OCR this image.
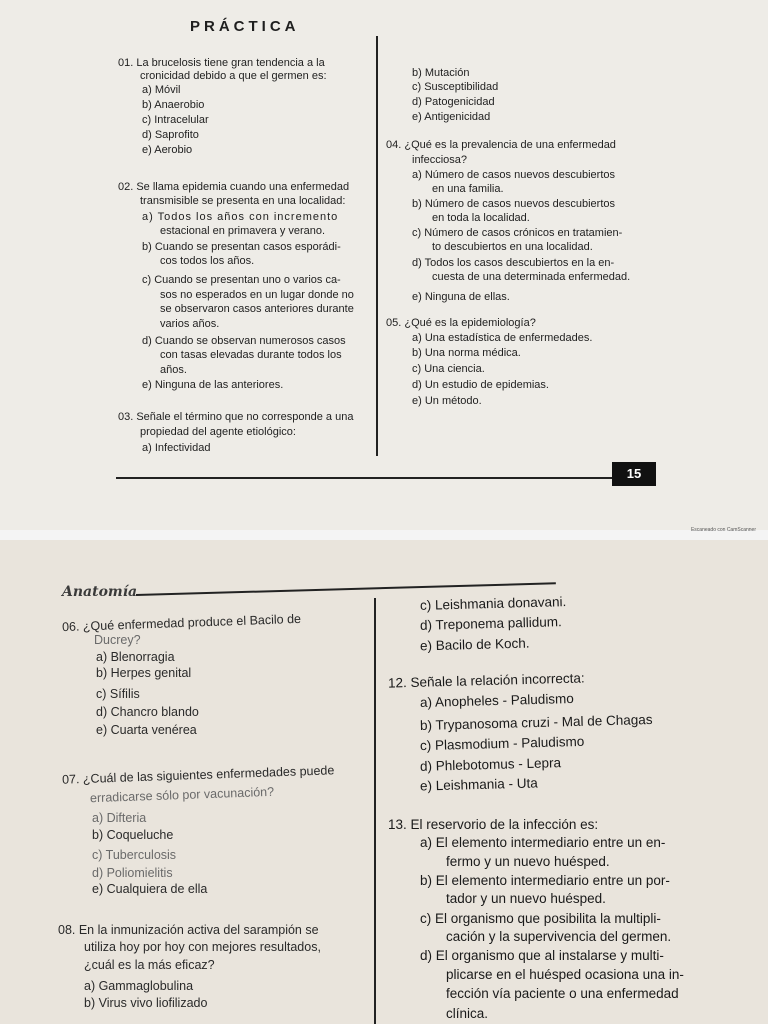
PRÁCTICA
15
01. La brucelosis tiene gran tendencia a la
cronicidad debido a que el germen es:
a) Móvil
b) Anaerobio
c) Intracelular
d) Saprofito
e) Aerobio
02. Se llama epidemia cuando una enfermedad
transmisible se presenta en una localidad:
a) Todos los años con incremento
estacional en primavera y verano.
b) Cuando se presentan casos esporádi-
cos todos los años.
c) Cuando se presentan uno o varios ca-
sos no esperados en un lugar donde no
se observaron casos anteriores durante
varios años.
d) Cuando se observan numerosos casos
con tasas elevadas durante todos los
años.
e) Ninguna de las anteriores.
03. Señale el término que no corresponde a una
propiedad del agente etiológico:
a) Infectividad
b) Mutación
c) Susceptibilidad
d) Patogenicidad
e) Antigenicidad
04. ¿Qué es la prevalencia de una enfermedad
infecciosa?
a) Número de casos nuevos descubiertos
en una familia.
b) Número de casos nuevos descubiertos
en toda la localidad.
c) Número de casos crónicos en tratamien-
to descubiertos en una localidad.
d) Todos los casos descubiertos en la en-
cuesta de una determinada enfermedad.
e) Ninguna de ellas.
05. ¿Qué es la epidemiología?
a) Una estadística de enfermedades.
b) Una norma médica.
c) Una ciencia.
d) Un estudio de epidemias.
e) Un método.
Escaneado con CamScanner
Anatomía
06. ¿Qué enfermedad produce el Bacilo de
Ducrey?
a) Blenorragia
b) Herpes genital
c) Sífilis
d) Chancro blando
e) Cuarta venérea
07. ¿Cuál de las siguientes enfermedades puede
erradicarse sólo por vacunación?
a) Difteria
b) Coqueluche
c) Tuberculosis
d) Poliomielitis
e) Cualquiera de ella
08. En la inmunización activa del sarampión se
utiliza hoy por hoy con mejores resultados,
¿cuál es la más eficaz?
a) Gammaglobulina
b) Virus vivo liofilizado
c) Leishmania donavani.
d) Treponema pallidum.
e) Bacilo de Koch.
12. Señale la relación incorrecta:
a) Anopheles - Paludismo
b) Trypanosoma cruzi - Mal de Chagas
c) Plasmodium - Paludismo
d) Phlebotomus - Lepra
e) Leishmania - Uta
13. El reservorio de la infección es:
a) El elemento intermediario entre un en-
fermo y un nuevo huésped.
b) El elemento intermediario entre un por-
tador y un nuevo huésped.
c) El organismo que posibilita la multipli-
cación y la supervivencia del germen.
d) El organismo que al instalarse y multi-
plicarse en el huésped ocasiona una in-
fección vía paciente o una enfermedad
clínica.
